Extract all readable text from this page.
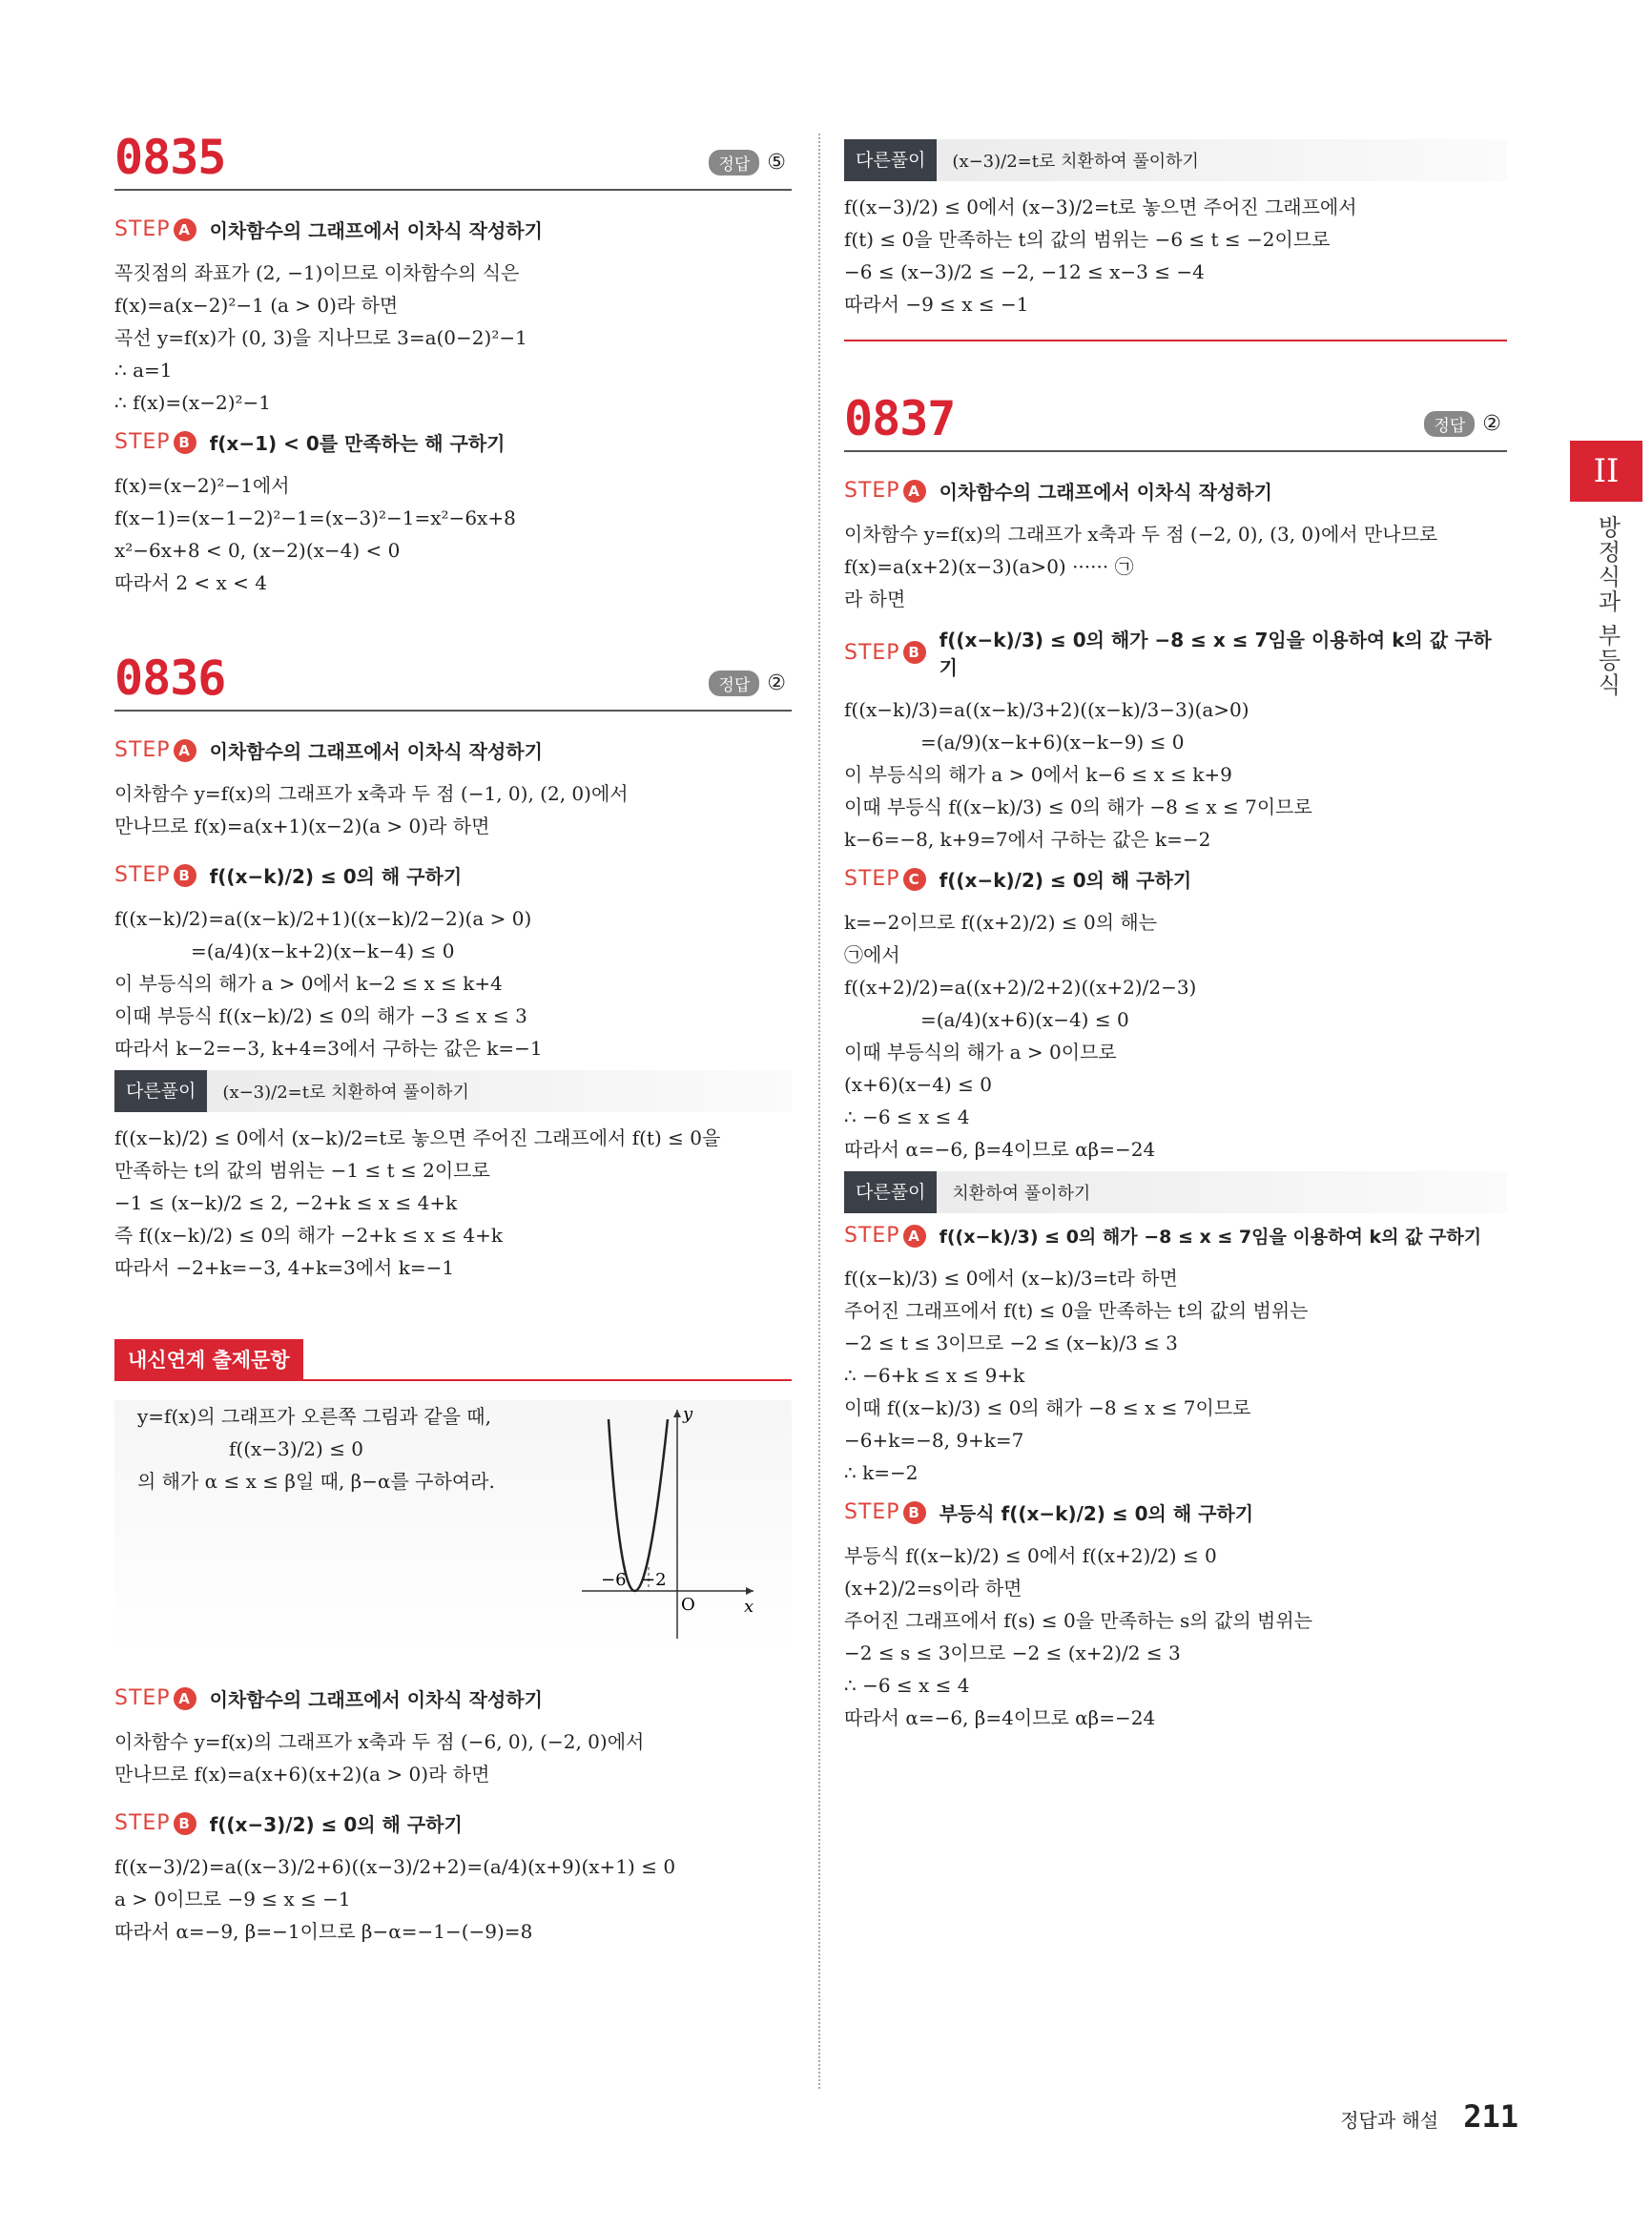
0835	정답 ⑤
STEP A 이차함수의 그래프에서 이차식 작성하기
꼭짓점의 좌표가 (2, −1)이므로 이차함수의 식은
f(x)=a(x−2)²−1 (a > 0)라 하면
곡선 y=f(x)가 (0, 3)을 지나므로 3=a(0−2)²−1
∴ a=1
∴ f(x)=(x−2)²−1
STEP B f(x−1) < 0를 만족하는 해 구하기
f(x)=(x−2)²−1에서
f(x−1)=(x−1−2)²−1=(x−3)²−1=x²−6x+8
x²−6x+8 < 0, (x−2)(x−4) < 0
따라서 2 < x < 4
0836	정답 ②
STEP A 이차함수의 그래프에서 이차식 작성하기
이차함수 y=f(x)의 그래프가 x축과 두 점 (−1, 0), (2, 0)에서
만나므로 f(x)=a(x+1)(x−2)(a > 0)라 하면
STEP B f((x−k)/2) ≤ 0의 해 구하기
f((x−k)/2)=a((x−k)/2+1)((x−k)/2−2)(a > 0)
=(a/4)(x−k+2)(x−k−4) ≤ 0
이 부등식의 해가 a > 0에서 k−2 ≤ x ≤ k+4
이때 부등식 f((x−k)/2) ≤ 0의 해가 −3 ≤ x ≤ 3
따라서 k−2=−3, k+4=3에서 구하는 값은 k=−1
다른풀이	(x−3)/2=t로 치환하여 풀이하기
f((x−k)/2) ≤ 0에서 (x−k)/2=t로 놓으면 주어진 그래프에서 f(t) ≤ 0을
만족하는 t의 값의 범위는 −1 ≤ t ≤ 2이므로
−1 ≤ (x−k)/2 ≤ 2, −2+k ≤ x ≤ 4+k
즉 f((x−k)/2) ≤ 0의 해가 −2+k ≤ x ≤ 4+k
따라서 −2+k=−3, 4+k=3에서 k=−1
내신연계 출제문항
y=f(x)의 그래프가 오른쪽 그림과 같을 때,
f((x−3)/2) ≤ 0
의 해가 α ≤ x ≤ β일 때, β−α를 구하여라.
y
x
O
−6 −2
STEP A 이차함수의 그래프에서 이차식 작성하기
이차함수 y=f(x)의 그래프가 x축과 두 점 (−6, 0), (−2, 0)에서
만나므로 f(x)=a(x+6)(x+2)(a > 0)라 하면
STEP B f((x−3)/2) ≤ 0의 해 구하기
f((x−3)/2)=a((x−3)/2+6)((x−3)/2+2)=(a/4)(x+9)(x+1) ≤ 0
a > 0이므로 −9 ≤ x ≤ −1
따라서 α=−9, β=−1이므로 β−α=−1−(−9)=8
다른풀이	(x−3)/2=t로 치환하여 풀이하기
f((x−3)/2) ≤ 0에서 (x−3)/2=t로 놓으면 주어진 그래프에서
f(t) ≤ 0을 만족하는 t의 값의 범위는 −6 ≤ t ≤ −2이므로
−6 ≤ (x−3)/2 ≤ −2, −12 ≤ x−3 ≤ −4
따라서 −9 ≤ x ≤ −1
0837	정답 ②
STEP A 이차함수의 그래프에서 이차식 작성하기
이차함수 y=f(x)의 그래프가 x축과 두 점 (−2, 0), (3, 0)에서 만나므로
f(x)=a(x+2)(x−3)(a>0) ······ ㉠
라 하면
STEP B
f((x−k)/3) ≤ 0의 해가 −8 ≤ x ≤ 7임을 이용하여 k의 값 구하기
f((x−k)/3)=a((x−k)/3+2)((x−k)/3−3)(a>0)
=(a/9)(x−k+6)(x−k−9) ≤ 0
이 부등식의 해가 a > 0에서 k−6 ≤ x ≤ k+9
이때 부등식 f((x−k)/3) ≤ 0의 해가 −8 ≤ x ≤ 7이므로
k−6=−8, k+9=7에서 구하는 값은 k=−2
STEP C	f((x−k)/2) ≤ 0의 해 구하기
k=−2이므로 f((x+2)/2) ≤ 0의 해는
㉠에서
f((x+2)/2)=a((x+2)/2+2)((x+2)/2−3)
=(a/4)(x+6)(x−4) ≤ 0
이때 부등식의 해가 a > 0이므로
(x+6)(x−4) ≤ 0
∴ −6 ≤ x ≤ 4
따라서 α=−6, β=4이므로 αβ=−24
다른풀이	치환하여 풀이하기
STEP A	f((x−k)/3) ≤ 0의 해가 −8 ≤ x ≤ 7임을 이용하여 k의 값 구하기
f((x−k)/3) ≤ 0에서 (x−k)/3=t라 하면
주어진 그래프에서 f(t) ≤ 0을 만족하는 t의 값의 범위는
−2 ≤ t ≤ 3이므로 −2 ≤ (x−k)/3 ≤ 3
∴ −6+k ≤ x ≤ 9+k
이때 f((x−k)/3) ≤ 0의 해가 −8 ≤ x ≤ 7이므로
−6+k=−8, 9+k=7
∴ k=−2
STEP B 부등식 f((x−k)/2) ≤ 0의 해 구하기
부등식 f((x−k)/2) ≤ 0에서 f((x+2)/2) ≤ 0
(x+2)/2=s이라 하면
주어진 그래프에서 f(s) ≤ 0을 만족하는 s의 값의 범위는
−2 ≤ s ≤ 3이므로 −2 ≤ (x+2)/2 ≤ 3
∴ −6 ≤ x ≤ 4
따라서 α=−6, β=4이므로 αβ=−24
II
방정식과 부등식
정답과 해설 211
